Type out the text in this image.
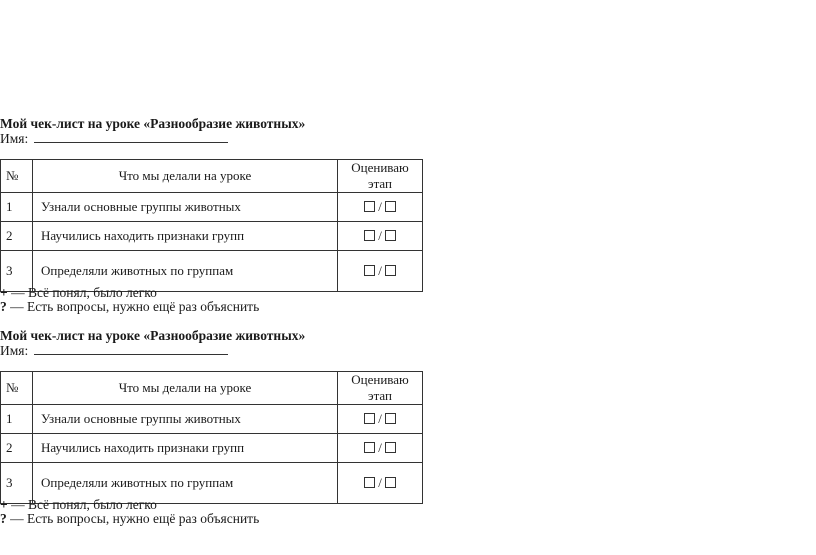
Мой чек-лист на уроке «Разнообразие животных»
Имя:
№	Что мы делали на уроке	Оцениваю этап
1	Узнали основные группы животных	/
2	Научились находить признаки групп	/
3	Определяли животных по группам	/
+ — Всё понял, было легко
? — Есть вопросы, нужно ещё раз объяснить
Мой чек-лист на уроке «Разнообразие животных»
Имя:
№	Что мы делали на уроке	Оцениваю этап
1	Узнали основные группы животных	/
2	Научились находить признаки групп	/
3	Определяли животных по группам	/
+ — Всё понял, было легко
? — Есть вопросы, нужно ещё раз объяснить
